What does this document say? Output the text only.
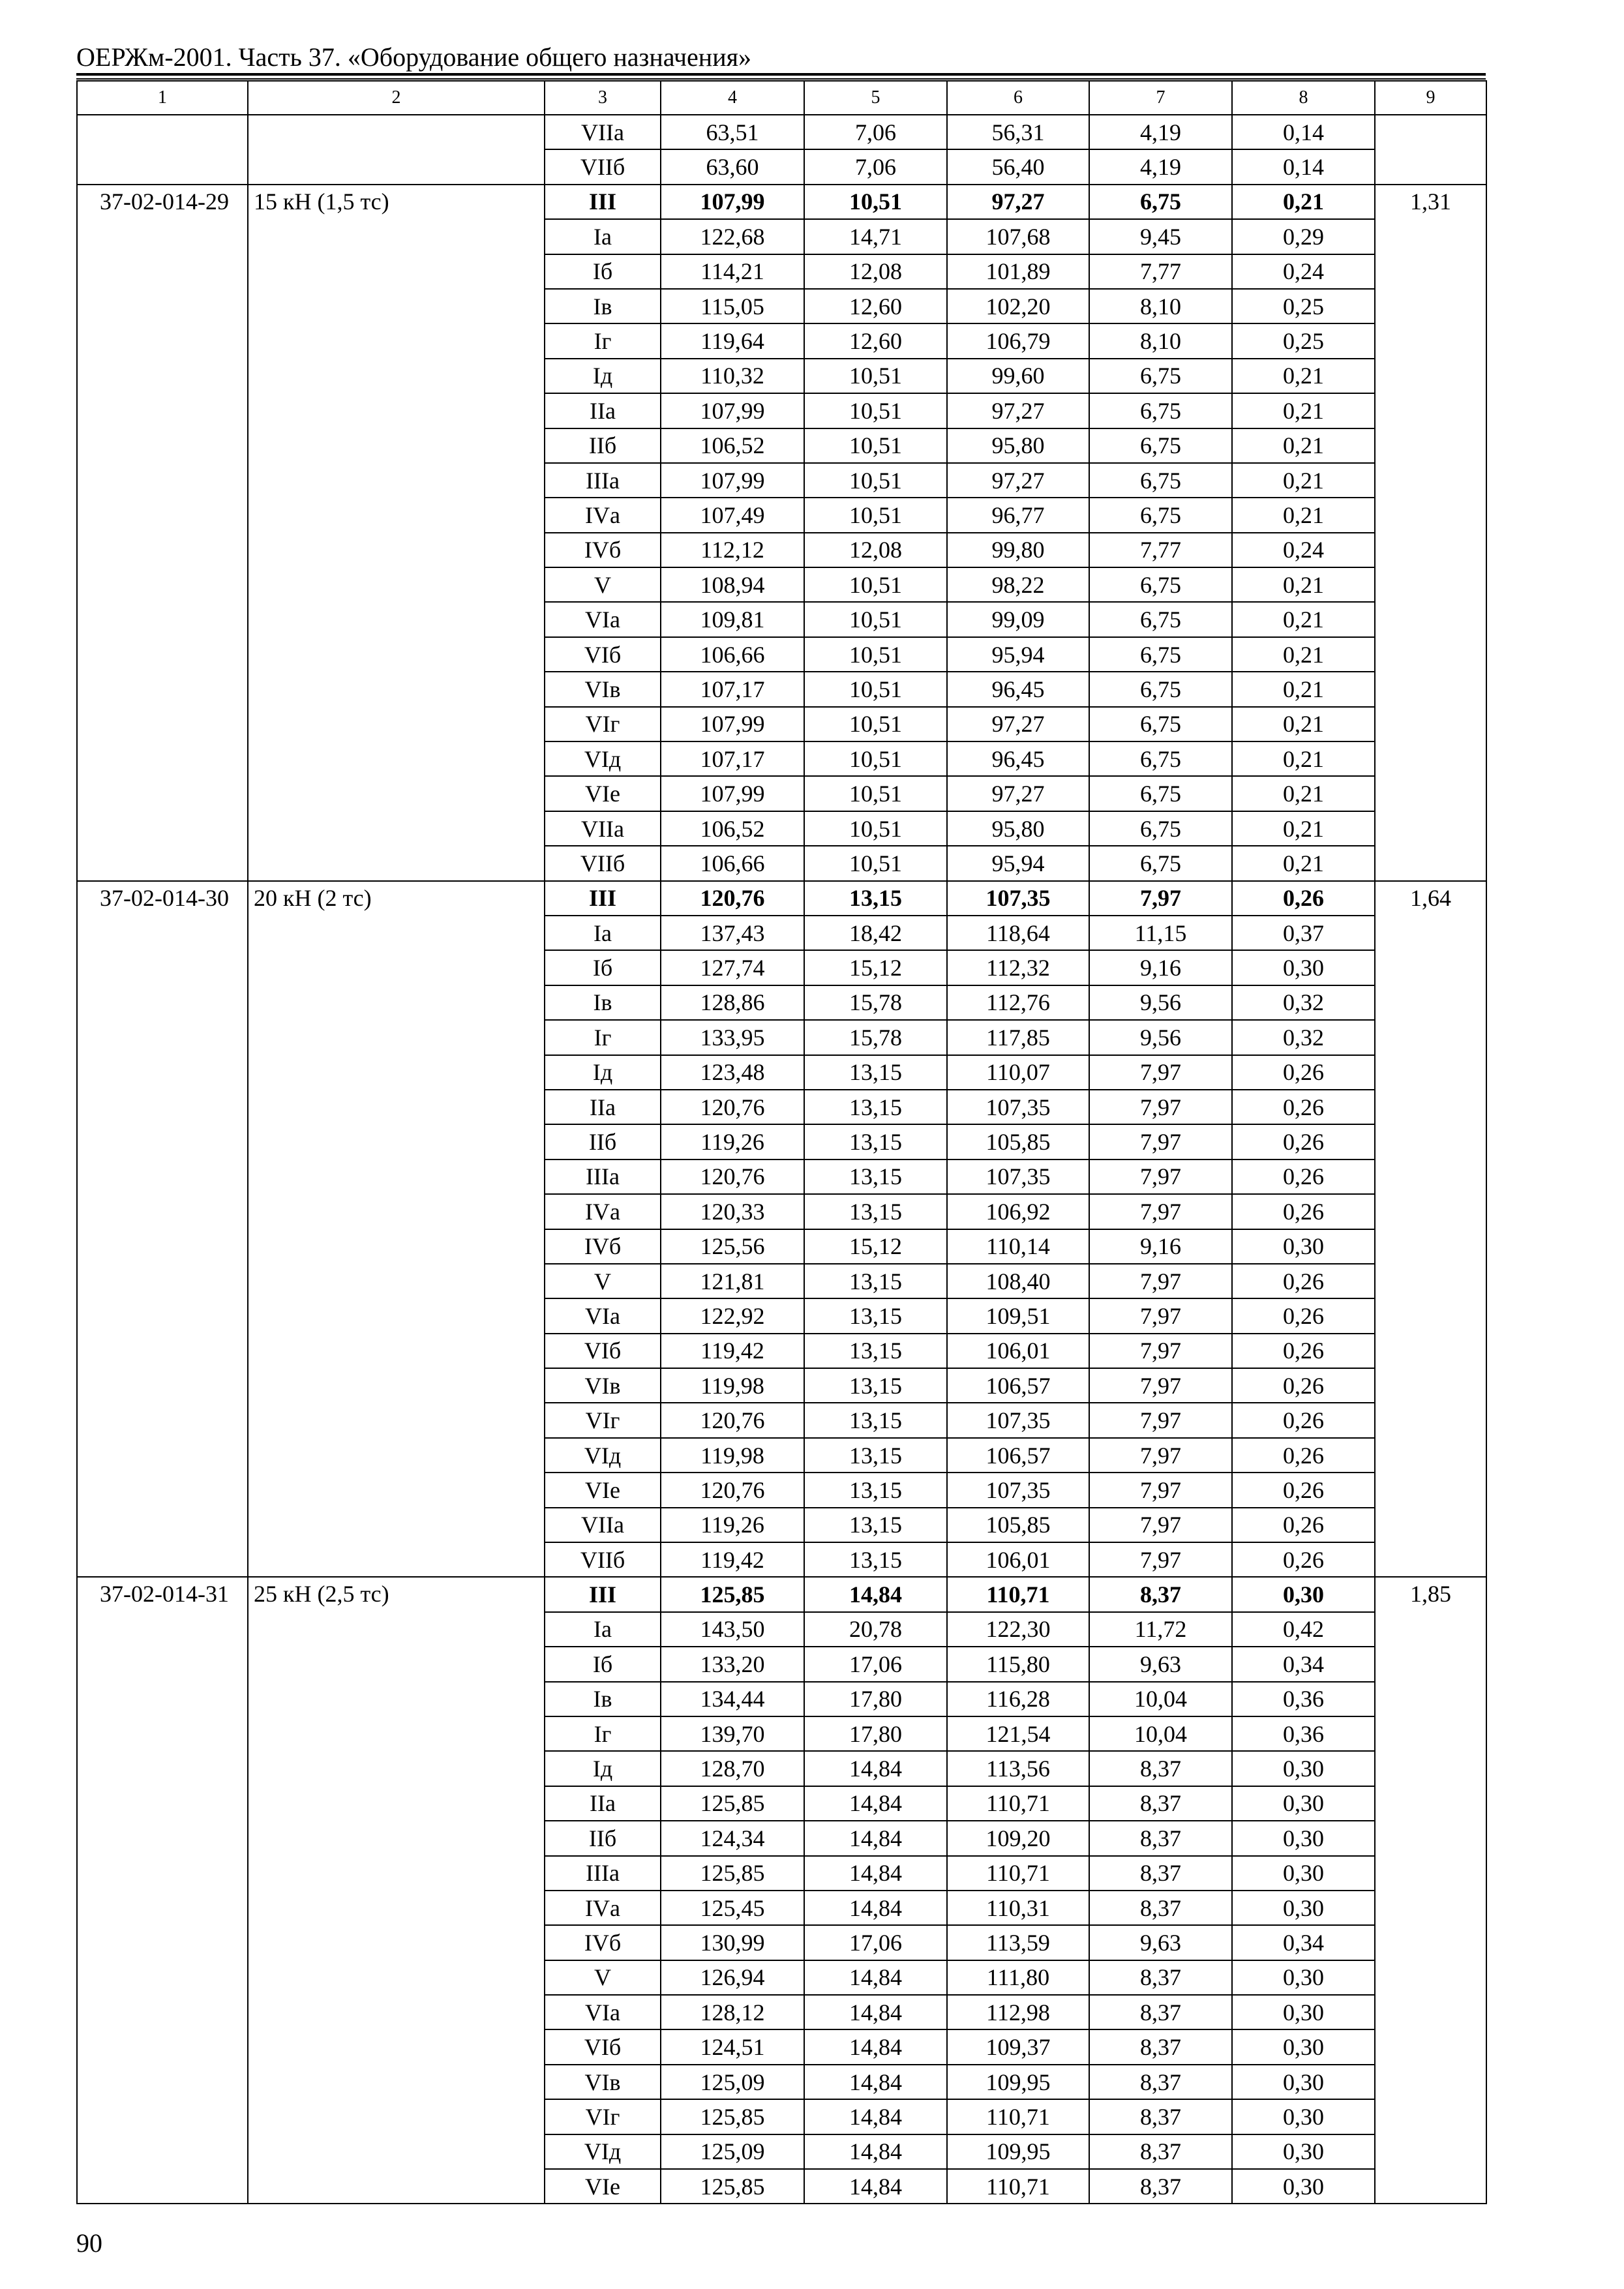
ОЕРЖм-2001. Часть 37. «Оборудование общего назначения»
1	2	3	4	5	6	7	8	9
		VIIа	63,51	7,06	56,31	4,19	0,14	
		VIIб	63,60	7,06	56,40	4,19	0,14	
37-02-014-29	15 кН (1,5 тс)	III	107,99	10,51	97,27	6,75	0,21	1,31
		Iа	122,68	14,71	107,68	9,45	0,29	
		Iб	114,21	12,08	101,89	7,77	0,24	
		Iв	115,05	12,60	102,20	8,10	0,25	
		Iг	119,64	12,60	106,79	8,10	0,25	
		Iд	110,32	10,51	99,60	6,75	0,21	
		IIа	107,99	10,51	97,27	6,75	0,21	
		IIб	106,52	10,51	95,80	6,75	0,21	
		IIIа	107,99	10,51	97,27	6,75	0,21	
		IVа	107,49	10,51	96,77	6,75	0,21	
		IVб	112,12	12,08	99,80	7,77	0,24	
		V	108,94	10,51	98,22	6,75	0,21	
		VIа	109,81	10,51	99,09	6,75	0,21	
		VIб	106,66	10,51	95,94	6,75	0,21	
		VIв	107,17	10,51	96,45	6,75	0,21	
		VIг	107,99	10,51	97,27	6,75	0,21	
		VIд	107,17	10,51	96,45	6,75	0,21	
		VIе	107,99	10,51	97,27	6,75	0,21	
		VIIа	106,52	10,51	95,80	6,75	0,21	
		VIIб	106,66	10,51	95,94	6,75	0,21	
37-02-014-30	20 кН (2 тс)	III	120,76	13,15	107,35	7,97	0,26	1,64
		Iа	137,43	18,42	118,64	11,15	0,37	
		Iб	127,74	15,12	112,32	9,16	0,30	
		Iв	128,86	15,78	112,76	9,56	0,32	
		Iг	133,95	15,78	117,85	9,56	0,32	
		Iд	123,48	13,15	110,07	7,97	0,26	
		IIа	120,76	13,15	107,35	7,97	0,26	
		IIб	119,26	13,15	105,85	7,97	0,26	
		IIIа	120,76	13,15	107,35	7,97	0,26	
		IVа	120,33	13,15	106,92	7,97	0,26	
		IVб	125,56	15,12	110,14	9,16	0,30	
		V	121,81	13,15	108,40	7,97	0,26	
		VIа	122,92	13,15	109,51	7,97	0,26	
		VIб	119,42	13,15	106,01	7,97	0,26	
		VIв	119,98	13,15	106,57	7,97	0,26	
		VIг	120,76	13,15	107,35	7,97	0,26	
		VIд	119,98	13,15	106,57	7,97	0,26	
		VIе	120,76	13,15	107,35	7,97	0,26	
		VIIа	119,26	13,15	105,85	7,97	0,26	
		VIIб	119,42	13,15	106,01	7,97	0,26	
37-02-014-31	25 кН (2,5 тс)	III	125,85	14,84	110,71	8,37	0,30	1,85
		Iа	143,50	20,78	122,30	11,72	0,42	
		Iб	133,20	17,06	115,80	9,63	0,34	
		Iв	134,44	17,80	116,28	10,04	0,36	
		Iг	139,70	17,80	121,54	10,04	0,36	
		Iд	128,70	14,84	113,56	8,37	0,30	
		IIа	125,85	14,84	110,71	8,37	0,30	
		IIб	124,34	14,84	109,20	8,37	0,30	
		IIIа	125,85	14,84	110,71	8,37	0,30	
		IVа	125,45	14,84	110,31	8,37	0,30	
		IVб	130,99	17,06	113,59	9,63	0,34	
		V	126,94	14,84	111,80	8,37	0,30	
		VIа	128,12	14,84	112,98	8,37	0,30	
		VIб	124,51	14,84	109,37	8,37	0,30	
		VIв	125,09	14,84	109,95	8,37	0,30	
		VIг	125,85	14,84	110,71	8,37	0,30	
		VIд	125,09	14,84	109,95	8,37	0,30	
		VIе	125,85	14,84	110,71	8,37	0,30	
90
